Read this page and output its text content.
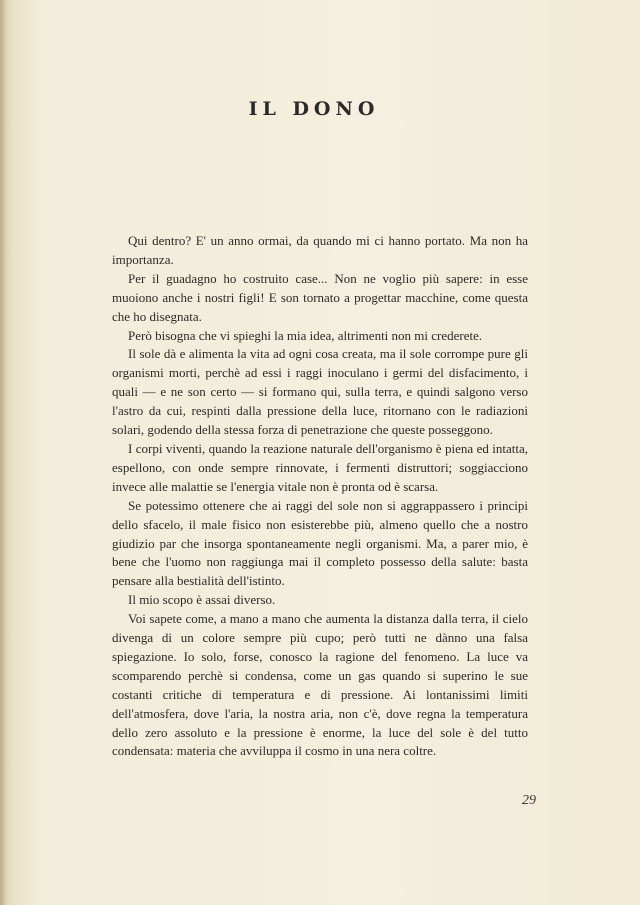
IL DONO

Qui dentro? E' un anno ormai, da quando mi ci hanno portato. Ma non ha importanza.

Per il guadagno ho costruito case... Non ne voglio più sapere: in esse muoiono anche i nostri figli! E son tornato a progettar macchine, come questa che ho disegnata.

Però bisogna che vi spieghi la mia idea, altrimenti non mi crederete.

Il sole dà e alimenta la vita ad ogni cosa creata, ma il sole corrompe pure gli organismi morti, perchè ad essi i raggi inoculano i germi del disfacimento, i quali — e ne son certo — si formano qui, sulla terra, e quindi salgono verso l'astro da cui, respinti dalla pressione della luce, ritornano con le radiazioni solari, godendo della stessa forza di penetrazione che queste posseggono.

I corpi viventi, quando la reazione naturale dell'organismo è piena ed intatta, espellono, con onde sempre rinnovate, i fermenti distruttori; soggiacciono invece alle malattie se l'energia vitale non è pronta od è scarsa.

Se potessimo ottenere che ai raggi del sole non si aggrappassero i principi dello sfacelo, il male fisico non esisterebbe più, almeno quello che a nostro giudizio par che insorga spontaneamente negli organismi. Ma, a parer mio, è bene che l'uomo non raggiunga mai il completo possesso della salute: basta pensare alla bestialità dell'istinto.

Il mio scopo è assai diverso.

Voi sapete come, a mano a mano che aumenta la distanza dalla terra, il cielo divenga di un colore sempre più cupo; però tutti ne dànno una falsa spiegazione. Io solo, forse, conosco la ragione del fenomeno. La luce va scomparendo perchè si condensa, come un gas quando si superino le sue costanti critiche di temperatura e di pressione. Ai lontanissimi limiti dell'atmosfera, dove l'aria, la nostra aria, non c'è, dove regna la temperatura dello zero assoluto e la pressione è enorme, la luce del sole è del tutto condensata: materia che avviluppa il cosmo in una nera coltre.

29
